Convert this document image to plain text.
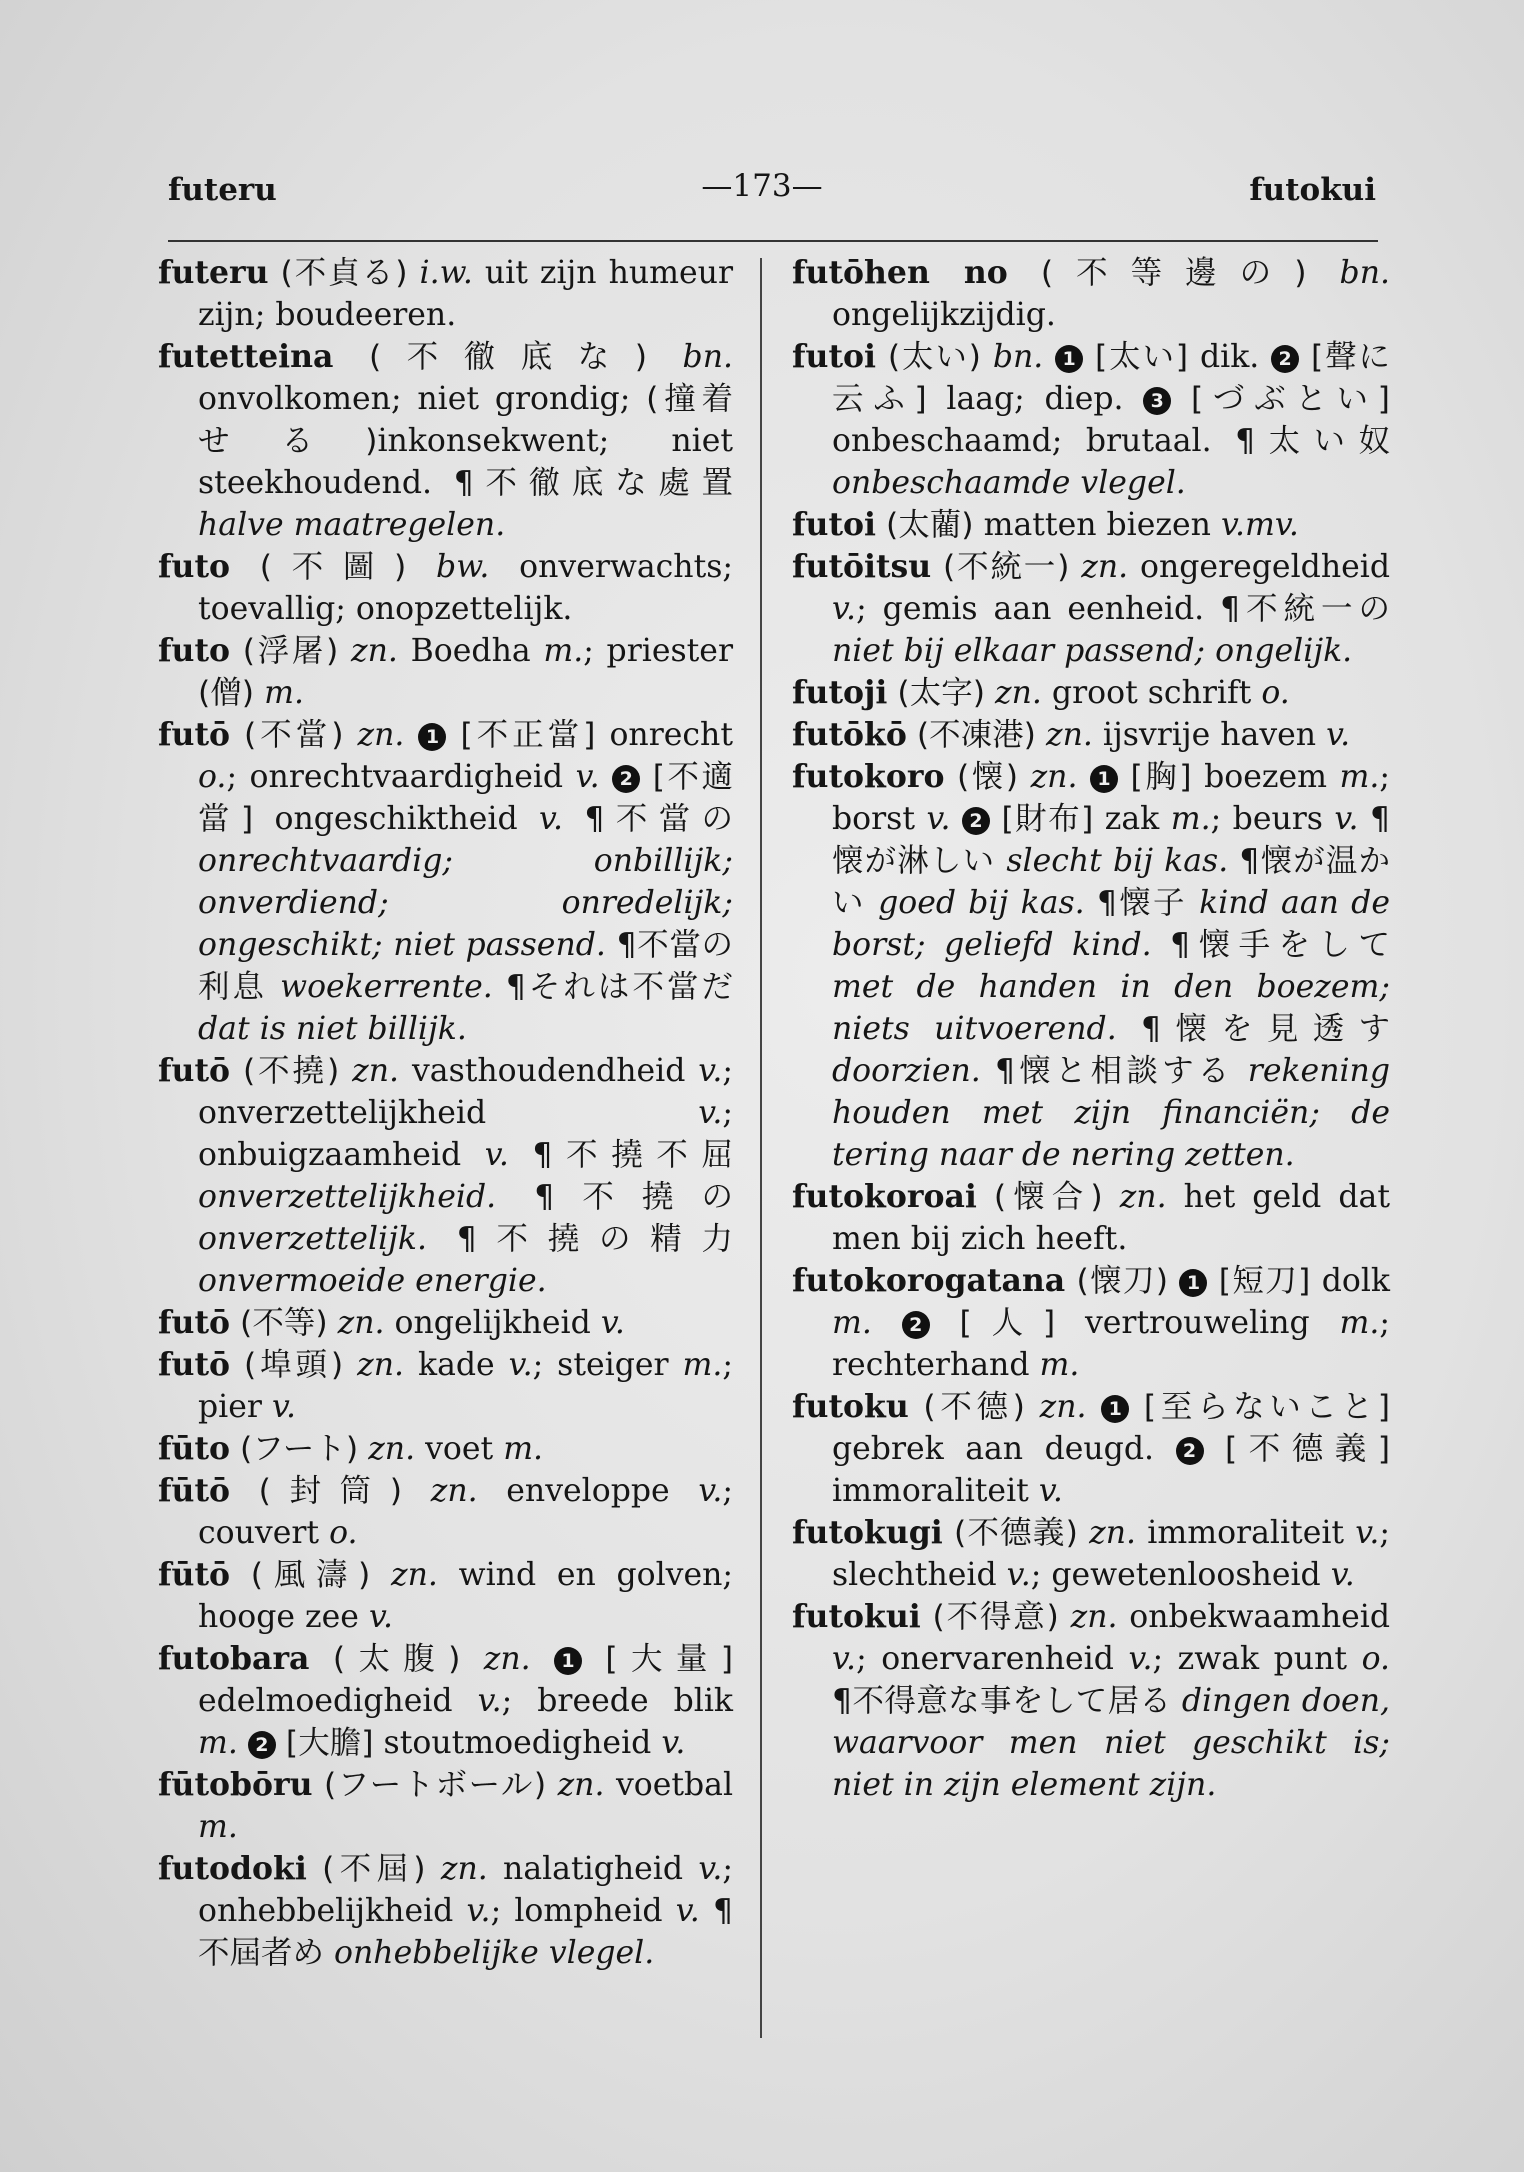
futeru	—173—	futokui
futeru (不貞る) i.w. uit zijn humeur zijn; boudeeren.
futetteina (不徹底な) bn. onvolkomen; niet grondig; (撞着せる)inkonsekwent; niet steekhoudend. ¶不徹底な處置 halve maatregelen.
futo (不圖) bw. onverwachts; toevallig; onopzettelijk.
futo (浮屠) zn. Boedha m.; priester (僧) m.
futō (不當) zn. 1 [不正當] onrecht o.; onrechtvaardigheid v. 2 [不適當] ongeschiktheid v. ¶不當の onrechtvaardig; onbillijk; onverdiend; onredelijk; ongeschikt; niet passend. ¶不當の利息 woekerrente. ¶それは不當だ dat is niet billijk.
futō (不撓) zn. vasthoudendheid v.; onverzettelijkheid v.; onbuigzaamheid v. ¶不撓不屈 onverzettelijkheid. ¶不撓の onverzettelijk. ¶不撓の精力 onvermoeide energie.
futō (不等) zn. ongelijkheid v.
futō (埠頭) zn. kade v.; steiger m.; pier v.
fūto (フート) zn. voet m.
fūtō (封筒) zn. enveloppe v.; couvert o.
fūtō (風濤) zn. wind en golven; hooge zee v.
futobara (太腹) zn. 1 [大量] edelmoedigheid v.; breede blik m. 2 [大膽] stoutmoedigheid v.
fūtobōru (フートボール) zn. voetbal m.
futodoki (不屆) zn. nalatigheid v.; onhebbelijkheid v.; lompheid v. ¶不屆者め onhebbelijke vlegel.
futōhen no (不等邊の) bn. ongelijkzijdig.
futoi (太い) bn. 1 [太い] dik. 2 [聲に云ふ] laag; diep. 3 [づぶとい] onbeschaamd; brutaal. ¶太い奴 onbeschaamde vlegel.
futoi (太藺) matten biezen v.mv.
futōitsu (不統一) zn. ongeregeldheid v.; gemis aan eenheid. ¶不統一の niet bij elkaar passend; ongelijk.
futoji (太字) zn. groot schrift o.
futōkō (不凍港) zn. ijsvrije haven v.
futokoro (懐) zn. 1 [胸] boezem m.; borst v. 2 [財布] zak m.; beurs v. ¶懐が淋しい slecht bij kas. ¶懐が温かい goed bij kas. ¶懐子 kind aan de borst; geliefd kind. ¶懐手をして met de handen in den boezem; niets uitvoerend. ¶懐を見透す doorzien. ¶懐と相談する rekening houden met zijn financiën; de tering naar de nering zetten.
futokoroai (懐合) zn. het geld dat men bij zich heeft.
futokorogatana (懐刀) 1 [短刀] dolk m. 2 [人] vertrouweling m.; rechterhand m.
futoku (不德) zn. 1 [至らないこと] gebrek aan deugd. 2 [不德義] immoraliteit v.
futokugi (不德義) zn. immoraliteit v.; slechtheid v.; gewetenloosheid v.
futokui (不得意) zn. onbekwaamheid v.; onervarenheid v.; zwak punt o. ¶不得意な事をして居る dingen doen, waarvoor men niet geschikt is; niet in zijn element zijn.
